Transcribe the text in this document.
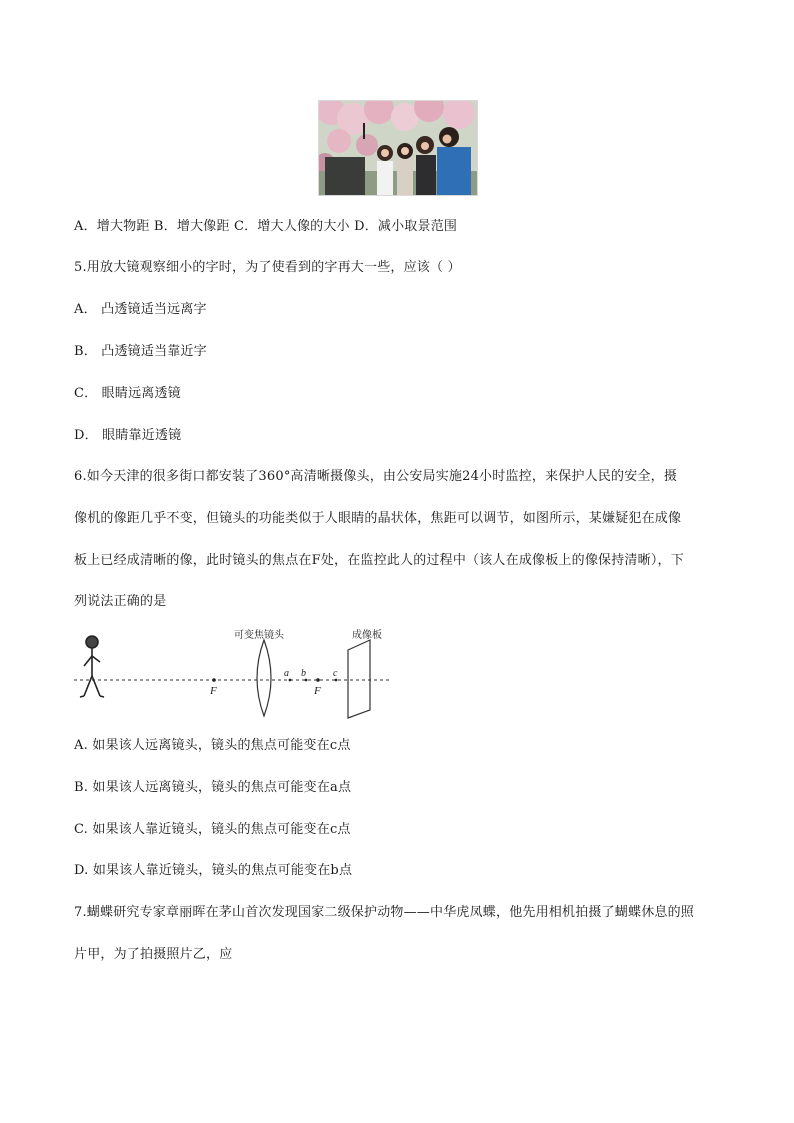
A．增大物距 B．增大像距 C．增大人像的大小 D．减小取景范围
5.用放大镜观察细小的字时，为了使看到的字再大一些，应该（ ）
A． 凸透镜适当远离字
B． 凸透镜适当靠近字
C． 眼睛远离透镜
D． 眼睛靠近透镜
6.如今天津的很多街口都安装了360°高清晰摄像头，由公安局实施24小时监控，来保护人民的安全，摄
像机的像距几乎不变，但镜头的功能类似于人眼睛的晶状体，焦距可以调节，如图所示，某嫌疑犯在成像
板上已经成清晰的像，此时镜头的焦点在F处，在监控此人的过程中（该人在成像板上的像保持清晰），下
列说法正确的是
可变焦镜头	成像板
F	F
a b	c
A. 如果该人远离镜头，镜头的焦点可能变在c点
B. 如果该人远离镜头，镜头的焦点可能变在a点
C. 如果该人靠近镜头，镜头的焦点可能变在c点
D. 如果该人靠近镜头，镜头的焦点可能变在b点
7.蝴蝶研究专家章丽晖在茅山首次发现国家二级保护动物——中华虎凤蝶，他先用相机拍摄了蝴蝶休息的照
片甲，为了拍摄照片乙，应
